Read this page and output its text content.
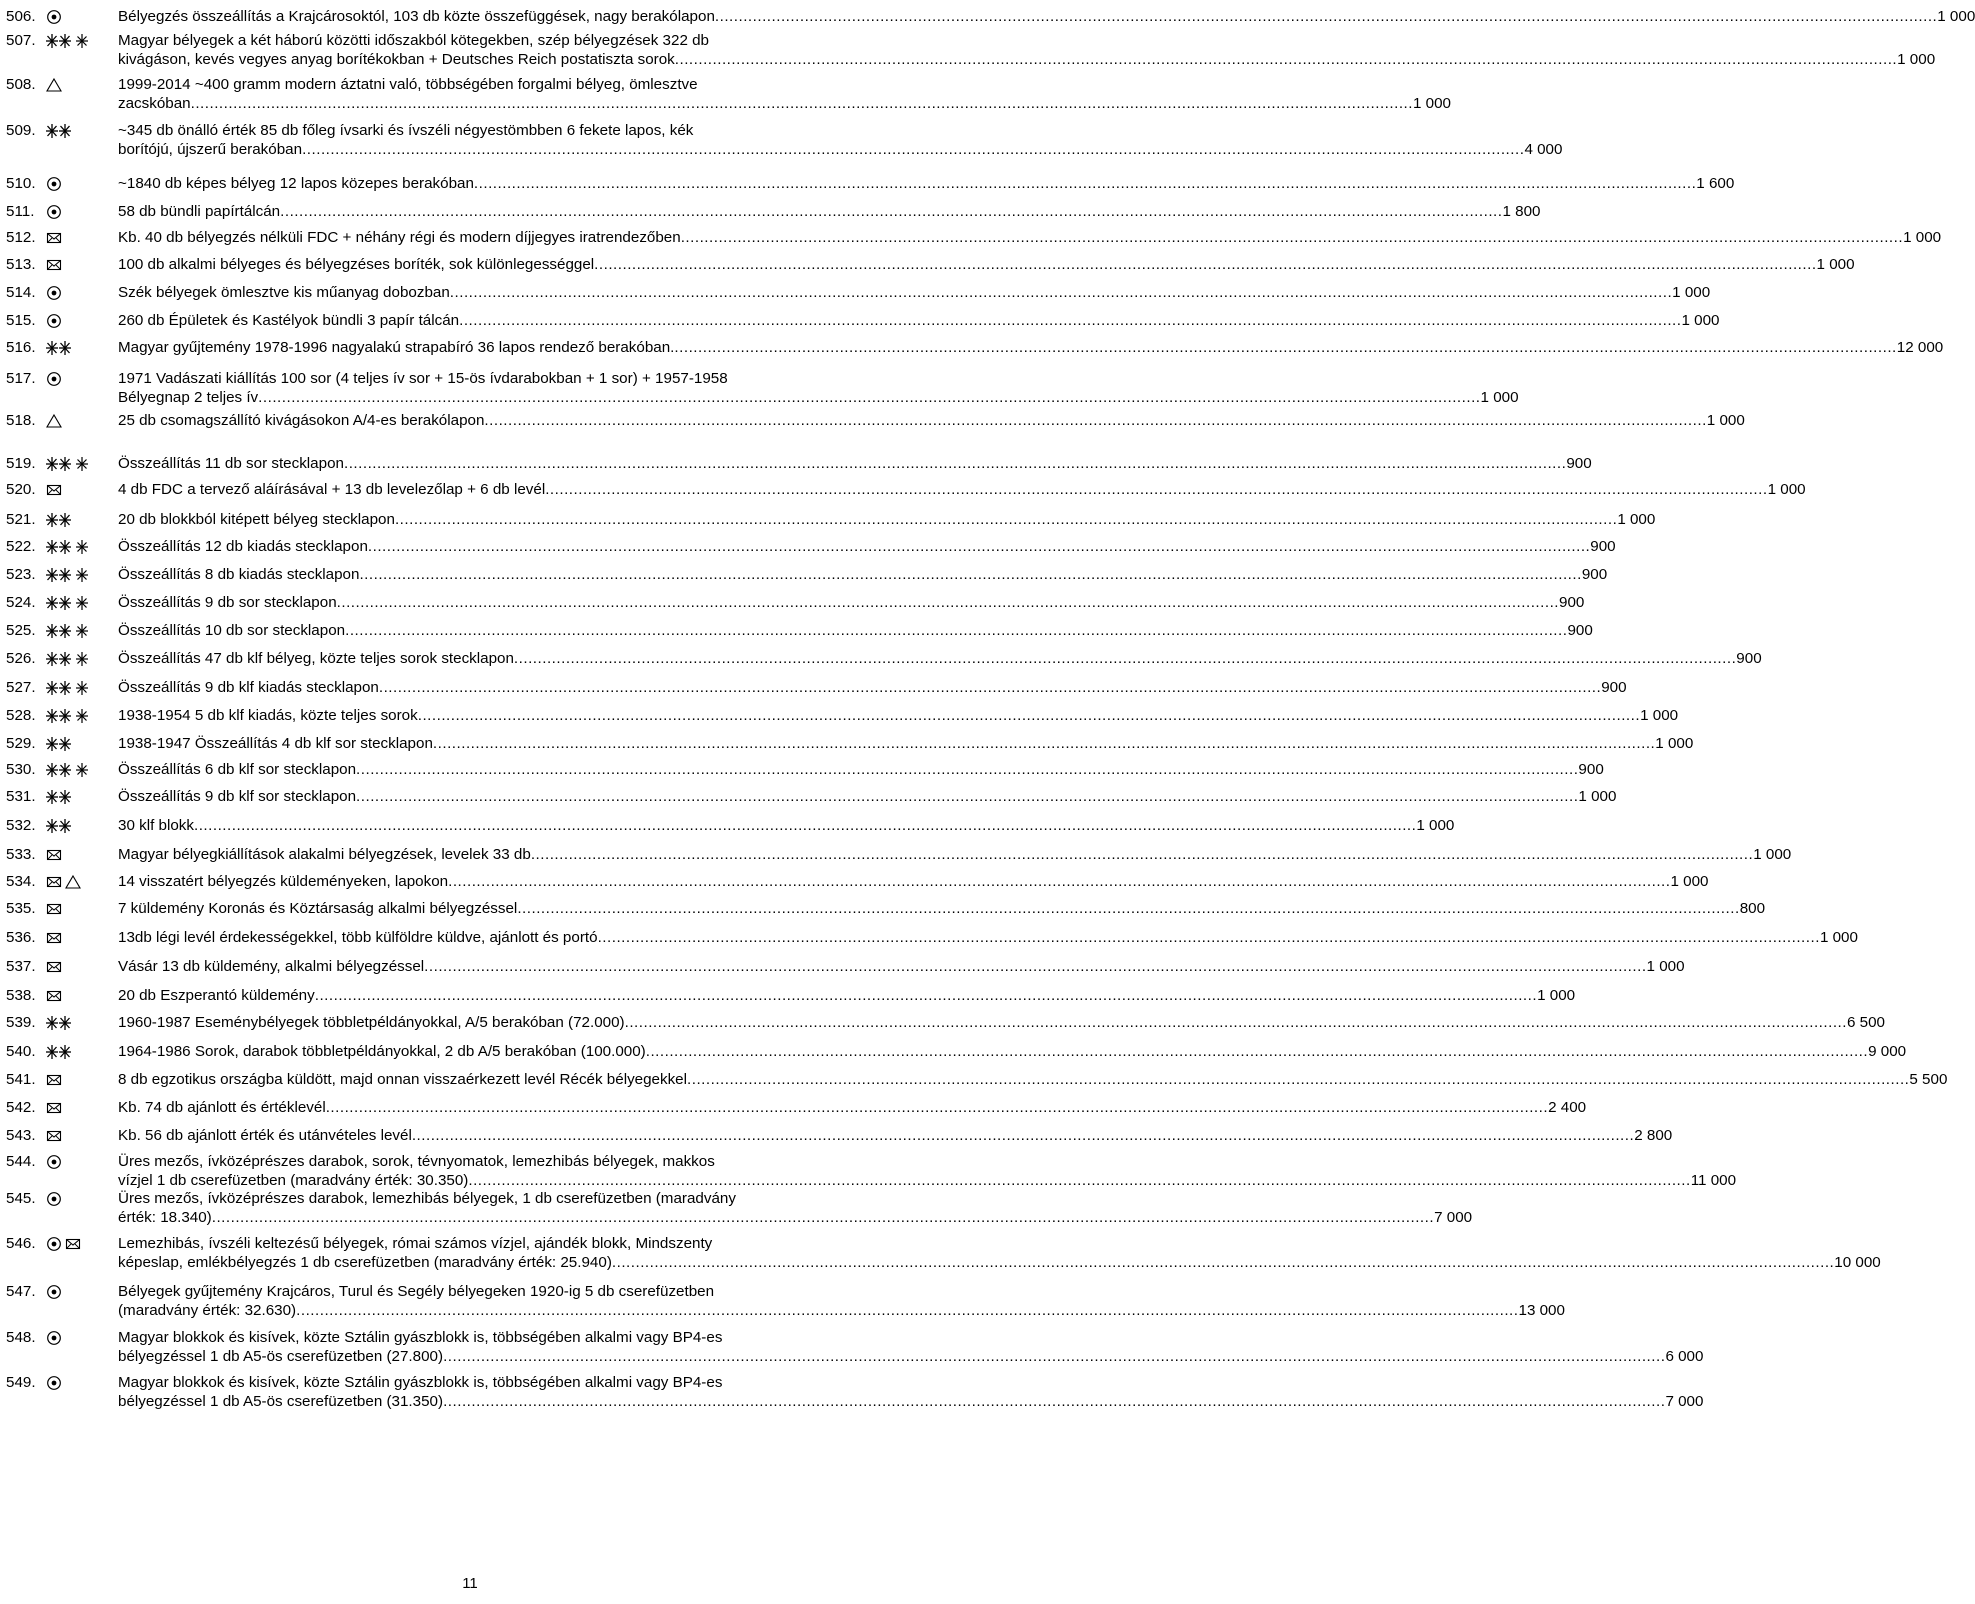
506.	Bélyegzés összeállítás a Krajcárosoktól, 103 db közte összefüggések, nagy berakólapon .....	1 000
507.	Magyar bélyegek a két háború közötti időszakból kötegekben, szép bélyegzések 322 db
kivágáson, kevés vegyes anyag borítékokban + Deutsches Reich postatiszta sorok .....	1 000
508.	1999-2014 ~400 gramm modern áztatni való, többségében forgalmi bélyeg, ömlesztve
zacskóban .....	1 000
509.	~345 db önálló érték 85 db főleg ívsarki és ívszéli négyestömbben 6 fekete lapos, kék
borítójú, újszerű berakóban .....	4 000
510.	~1840 db képes bélyeg 12 lapos közepes berakóban .....	1 600
511.	58 db bündli papírtálcán .....	1 800
512.	Kb. 40 db bélyegzés nélküli FDC + néhány régi és modern díjjegyes iratrendezőben .....	1 000
513.	100 db alkalmi bélyeges és bélyegzéses boríték, sok különlegességgel .....	1 000
514.	Szék bélyegek ömlesztve kis műanyag dobozban .....	1 000
515.	260 db Épületek és Kastélyok bündli 3 papír tálcán .....	1 000
516.	Magyar gyűjtemény 1978-1996 nagyalakú strapabíró 36 lapos rendező berakóban. .....	12 000
517.	1971 Vadászati kiállítás 100 sor (4 teljes ív sor + 15-ös ívdarabokban + 1 sor) + 1957-1958
Bélyegnap 2 teljes ív .....	1 000
518.	25 db csomagszállító kivágásokon A/4-es berakólapon .....	1 000
519.	Összeállítás 11 db sor stecklapon .....	900
520.	4 db FDC a tervező aláírásával + 13 db levelezőlap + 6 db levél .....	1 000
521.	20 db blokkból kitépett bélyeg stecklapon .....	1 000
522.	Összeállítás 12 db kiadás stecklapon .....	900
523.	Összeállítás 8 db kiadás stecklapon .....	900
524.	Összeállítás 9 db sor stecklapon .....	900
525.	Összeállítás 10 db sor stecklapon .....	900
526.	Összeállítás 47 db klf bélyeg, közte teljes sorok stecklapon .....	900
527.	Összeállítás 9 db klf kiadás stecklapon .....	900
528.	1938-1954 5 db klf kiadás, közte teljes sorok .....	1 000
529.	1938-1947 Összeállítás 4 db klf sor stecklapon .....	1 000
530.	Összeállítás 6 db klf sor stecklapon .....	900
531.	Összeállítás 9 db klf sor stecklapon .....	1 000
532.	30 klf blokk .....	1 000
533.	Magyar bélyegkiállítások alakalmi bélyegzések, levelek 33 db .....	1 000
534.	14 visszatért bélyegzés küldeményeken, lapokon .....	1 000
535.	7 küldemény Koronás és Köztársaság alkalmi bélyegzéssel .....	800
536.	13db légi levél érdekességekkel, több külföldre küldve, ajánlott és portó .....	1 000
537.	Vásár 13 db küldemény, alkalmi bélyegzéssel .....	1 000
538.	20 db Eszperantó küldemény .....	1 000
539.	1960-1987 Eseménybélyegek többletpéldányokkal, A/5 berakóban (72.000) .....	6 500
540.	1964-1986 Sorok, darabok többletpéldányokkal, 2 db A/5 berakóban (100.000) .....	9 000
541.	8 db egzotikus országba küldött, majd onnan visszaérkezett levél Récék bélyegekkel .....	5 500
542.	Kb. 74 db ajánlott és értéklevél .....	2 400
543.	Kb. 56 db ajánlott érték és utánvételes levél .....	2 800
544.	Üres mezős, ívközéprészes darabok, sorok, tévnyomatok, lemezhibás bélyegek, makkos
vízjel 1 db cserefüzetben (maradvány érték: 30.350) .....	11 000
545.	Üres mezős, ívközéprészes darabok, lemezhibás bélyegek, 1 db cserefüzetben (maradvány
érték: 18.340) .....	7 000
546.	Lemezhibás, ívszéli keltezésű bélyegek, római számos vízjel, ajándék blokk, Mindszenty
képeslap, emlékbélyegzés 1 db cserefüzetben (maradvány érték: 25.940) .....	10 000
547.	Bélyegek gyűjtemény Krajcáros, Turul és Segély bélyegeken 1920-ig 5 db cserefüzetben
(maradvány érték: 32.630) .....	13 000
548.	Magyar blokkok és kisívek, közte Sztálin gyászblokk is, többségében alkalmi vagy BP4-es
bélyegzéssel 1 db A5-ös cserefüzetben (27.800) .....	6 000
549.	Magyar blokkok és kisívek, közte Sztálin gyászblokk is, többségében alkalmi vagy BP4-es
bélyegzéssel 1 db A5-ös cserefüzetben (31.350) .....	7 000
11
